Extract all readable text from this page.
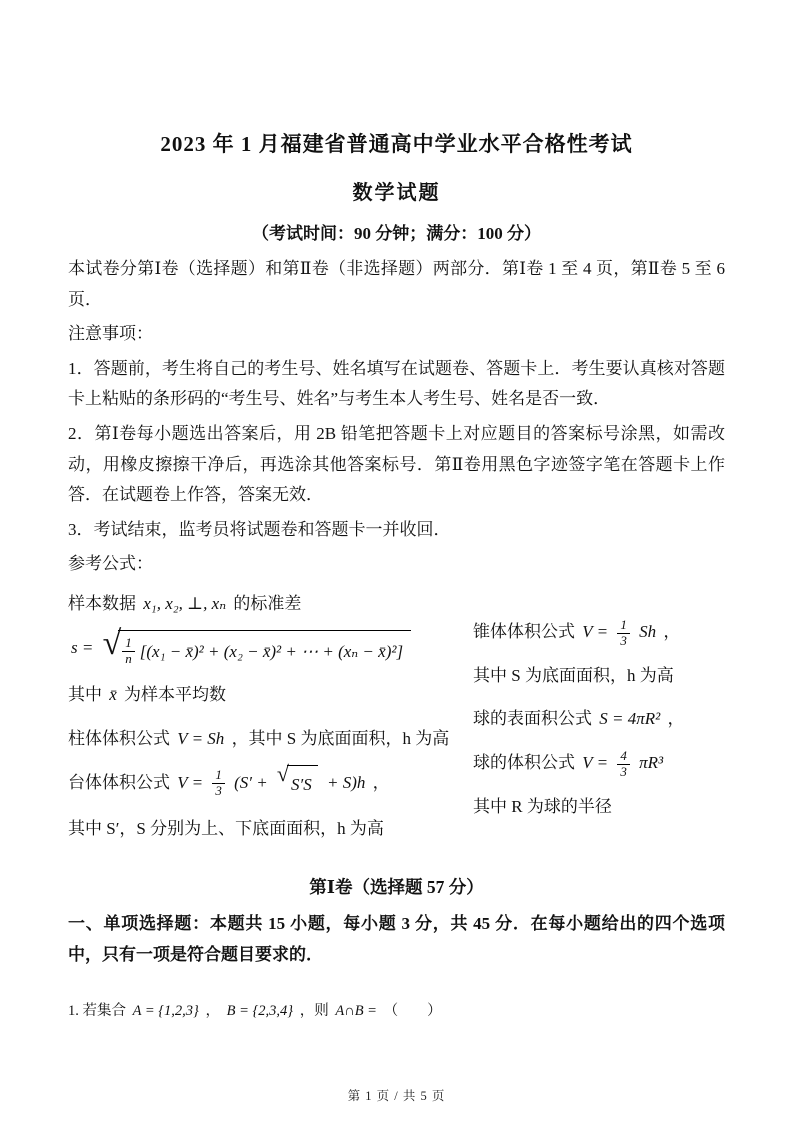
2023 年 1 月福建省普通高中学业水平合格性考试
数学试题
（考试时间：90 分钟；满分：100 分）

本试卷分第Ⅰ卷（选择题）和第Ⅱ卷（非选择题）两部分．第Ⅰ卷 1 至 4 页，第Ⅱ卷 5 至 6 页．

注意事项：

1．答题前，考生将自己的考生号、姓名填写在试题卷、答题卡上．考生要认真核对答题卡上粘贴的条形码的“考生号、姓名”与考生本人考生号、姓名是否一致．

2．第Ⅰ卷每小题选出答案后，用 2B 铅笔把答题卡上对应题目的答案标号涂黑，如需改动，用橡皮擦擦干净后，再选涂其他答案标号．第Ⅱ卷用黑色字迹签字笔在答题卡上作答．在试题卷上作答，答案无效．

3．考试结束，监考员将试题卷和答题卡一并收回．

参考公式：

样本数据 x₁, x₂, ⊥, xₙ 的标准差
s = √ $\frac{1}{n} [(x_1$ − x̄)² + (x₂ − x̄)² + ⋯ + (xₙ − x̄)²]
其中 x̄ 为样本平均数
柱体体积公式 V = Sh ，其中 S 为底面面积，h 为高
台体体积公式 $V = \frac{1}{3} (S'$ + √ S′S + S)h ，
其中 S′，S 分别为上、下底面面积，h 为高
锥体体积公式 $V = \frac{1}{3}$ Sh ，
其中 S 为底面面积，h 为高
球的表面积公式 S = 4πR² ，
球的体积公式 $V = \frac{4}{3} \pi R^3$
其中 R 为球的半径
第Ⅰ卷（选择题 57 分）

一、单项选择题：本题共 15 小题，每小题 3 分，共 45 分．在每小题给出的四个选项中，只有一项是符合题目要求的．

1. 若集合 A = {1,2,3} ， B = {2,3,4} ，则 A∩B = （　　）
第 1 页 / 共 5 页
